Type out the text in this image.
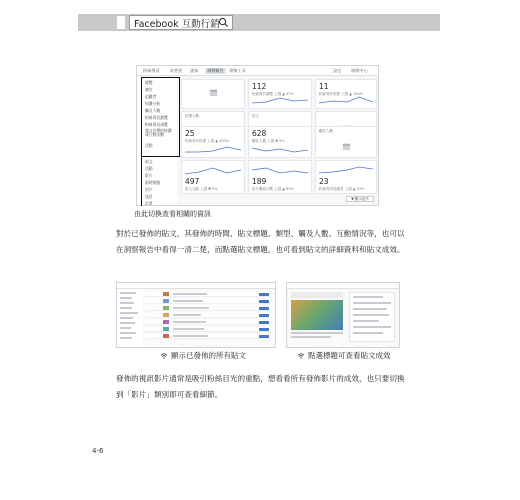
Facebook 互動行銷
粉絲專頁 收件匣 通知	洞察報告	發佈工具	設定 說明中心
總覽
廣告
追蹤者
按讚分析
觸及人數
粉絲專頁瀏覽
粉絲專頁預覽
發文宣傳的按讚或行動次數
活動
貼文
活動
影片
限時動態
用戶
訊息
訂單
112
粉絲專頁瀏覽 上週 ▲ 47%
11
粉絲專頁預覽 上週 ▲ 100%
按讚人數	貼文
25
粉絲專頁的讚 上週 ▲ 400%
628
觸及人數 上週 ▼ 4%
觸及人數
497
貼文互動 上週 ▼ 5%
189
影片觀看次數 上週 ▲ 63%
23
粉絲專頁追蹤者 上週 ▲ 33%
▼ 顯示更多
由此切換查看相關的資訊

對於已發佈的貼文，其發佈的時間、貼文標題、類型、觸及人數、互動情況等，也可以在洞察報告中看得一清二楚，而點選貼文標題，也可看到貼文的詳細資料和貼文成效。

顯示已發佈的所有貼文	點選標題可查看貼文成效

發佈的視訊影片通常是吸引粉絲目光的重點，想看看所有發佈影片的成效，也只要切換到「影片」類別即可查看細節。

4-6
